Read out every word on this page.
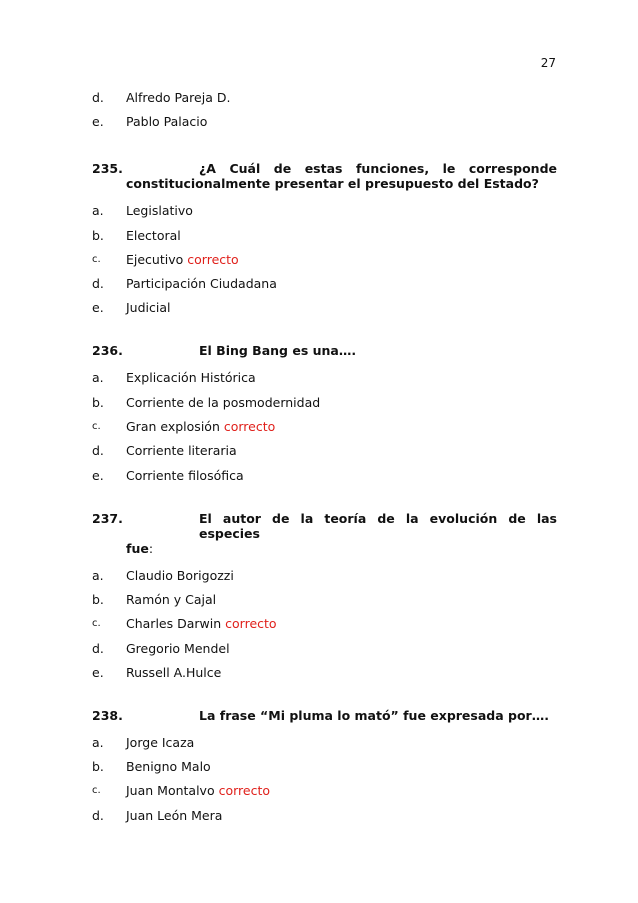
27
d.	Alfredo Pareja D.
e.	Pablo Palacio
235.	¿A Cuál de estas funciones, le corresponde
constitucionalmente presentar el presupuesto del Estado?
a.	Legislativo
b.	Electoral
c.	Ejecutivo correcto
d.	Participación Ciudadana
e.	Judicial
236.	El Bing Bang es una….
a.	Explicación Histórica
b.	Corriente de la posmodernidad
c.	Gran explosión correcto
d.	Corriente literaria
e.	Corriente filosófica
237.	El autor de la teoría de la evolución de las especies
fue:
a.	Claudio Borigozzi
b.	Ramón y Cajal
c.	Charles Darwin correcto
d.	Gregorio Mendel
e.	Russell A.Hulce
238.	La frase “Mi pluma lo mató” fue expresada por….
a.	Jorge Icaza
b.	Benigno Malo
c.	Juan Montalvo correcto
d.	Juan León Mera
